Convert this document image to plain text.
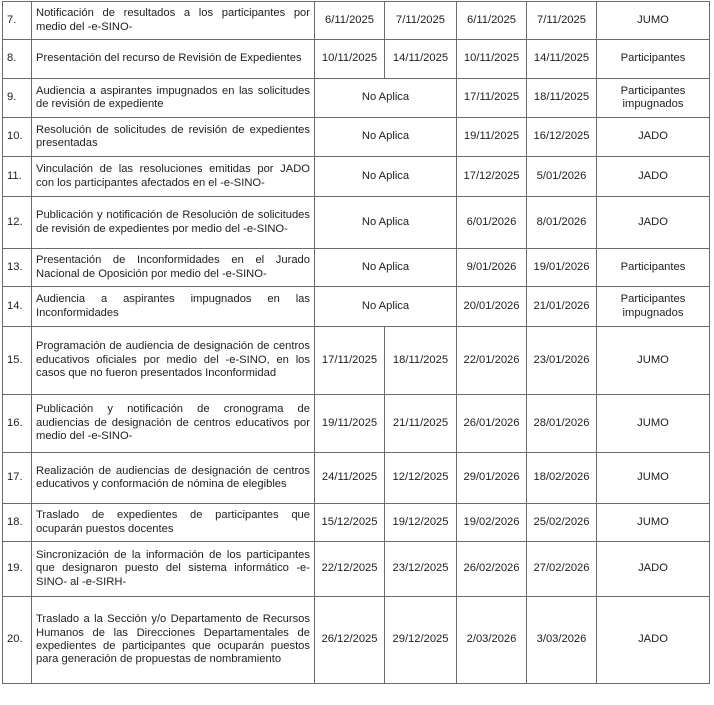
7.	Notificación de resultados a los participantes por medio del -e-SINO-	6/11/2025	7/11/2025	6/11/2025	7/11/2025	JUMO
8.	Presentación del recurso de Revisión de Expedientes	10/11/2025	14/11/2025	10/11/2025	14/11/2025	Participantes
9.	Audiencia a aspirantes impugnados en las solicitudes de revisión de expediente	No Aplica		17/11/2025	18/11/2025	Participantes impugnados
10.	Resolución de solicitudes de revisión de expedientes presentadas	No Aplica		19/11/2025	16/12/2025	JADO
11.	Vinculación de las resoluciones emitidas por JADO con los participantes afectados en el -e-SINO-	No Aplica		17/12/2025	5/01/2026	JADO
12.	Publicación y notificación de Resolución de solicitudes de revisión de expedientes por medio del -e-SINO-	No Aplica		6/01/2026	8/01/2026	JADO
13.	Presentación de Inconformidades en el Jurado Nacional de Oposición por medio del -e-SINO-	No Aplica		9/01/2026	19/01/2026	Participantes
14.	Audiencia a aspirantes impugnados en las Inconformidades	No Aplica		20/01/2026	21/01/2026	Participantes impugnados
15.	Programación de audiencia de designación de centros educativos oficiales por medio del -e-SINO, en los casos que no fueron presentados Inconformidad	17/11/2025	18/11/2025	22/01/2026	23/01/2026	JUMO
16.	Publicación y notificación de cronograma de audiencias de designación de centros educativos por medio del -e-SINO-	19/11/2025	21/11/2025	26/01/2026	28/01/2026	JUMO
17.	Realización de audiencias de designación de centros educativos y conformación de nómina de elegibles	24/11/2025	12/12/2025	29/01/2026	18/02/2026	JUMO
18.	Traslado de expedientes de participantes que ocuparán puestos docentes	15/12/2025	19/12/2025	19/02/2026	25/02/2026	JUMO
19.	Sincronización de la información de los participantes que designaron puesto del sistema informático -e-SINO- al -e-SIRH-	22/12/2025	23/12/2025	26/02/2026	27/02/2026	JADO
20.	Traslado a la Sección y/o Departamento de Recursos Humanos de las Direcciones Departamentales de expedientes de participantes que ocuparán puestos para generación de propuestas de nombramiento	26/12/2025	29/12/2025	2/03/2026	3/03/2026	JADO
